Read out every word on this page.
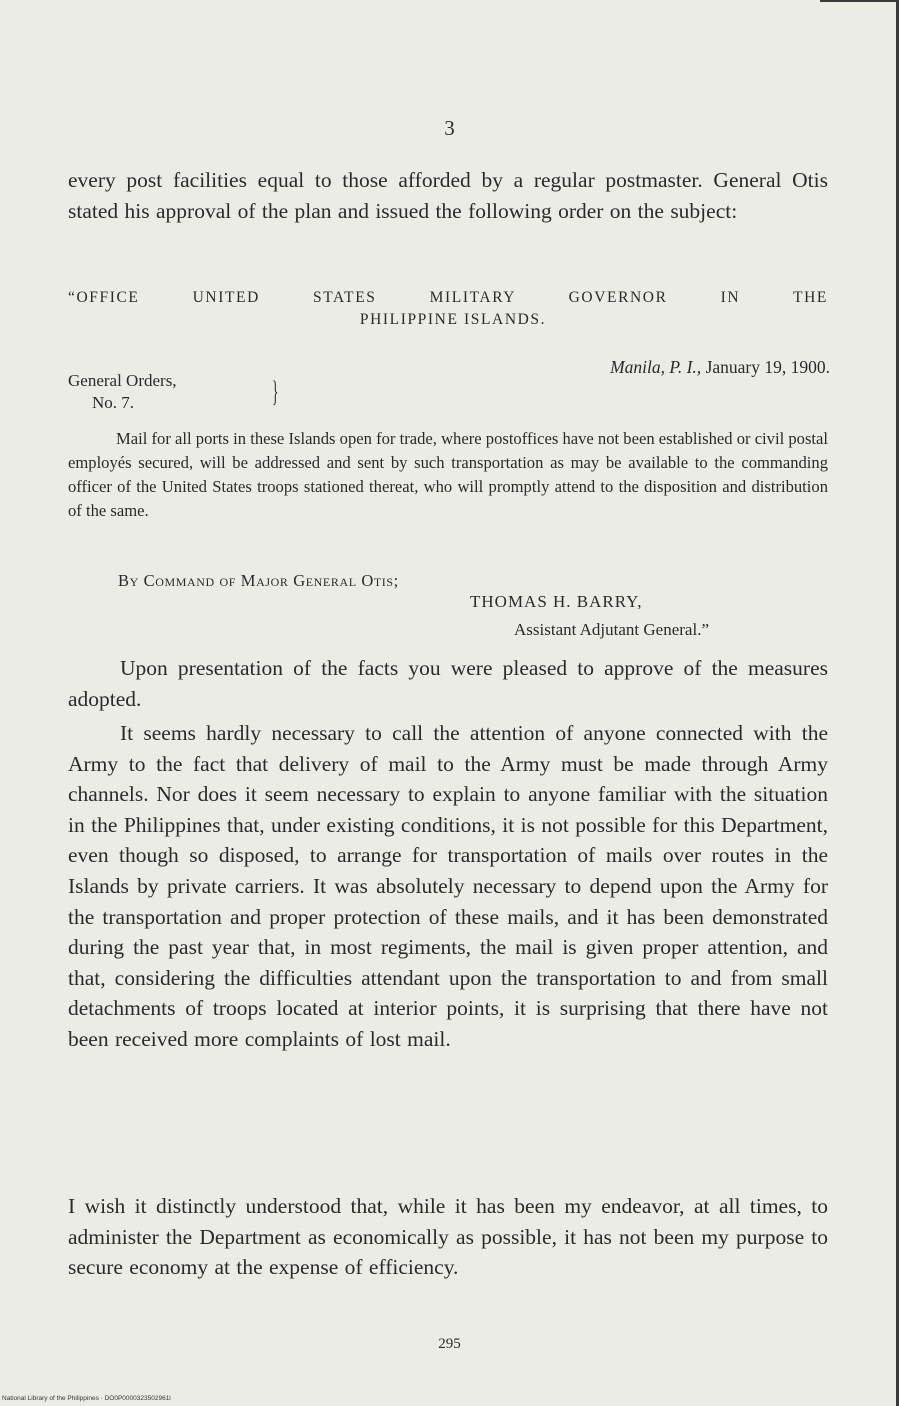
3
every post facilities equal to those afforded by a regular postmaster. General Otis stated his approval of the plan and issued the following order on the subject:
“OFFICE UNITED STATES MILITARY GOVERNOR IN THE
PHILIPPINE ISLANDS.
Manila, P. I., January 19, 1900.
General Orders,
No. 7.	}
Mail for all ports in these Islands open for trade, where postoffices have not been established or civil postal employés secured, will be addressed and sent by such transportation as may be available to the commanding officer of the United States troops stationed thereat, who will promptly attend to the disposition and distribution of the same.
By Command of Major General Otis;
THOMAS H. BARRY,
Assistant Adjutant General.”
Upon presentation of the facts you were pleased to approve of the measures adopted.
It seems hardly necessary to call the attention of anyone connected with the Army to the fact that delivery of mail to the Army must be made through Army channels. Nor does it seem necessary to explain to anyone familiar with the situation in the Philippines that, under existing conditions, it is not possible for this Department, even though so disposed, to arrange for transportation of mails over routes in the Islands by private carriers. It was absolutely necessary to depend upon the Army for the transportation and proper protection of these mails, and it has been demonstrated during the past year that, in most regiments, the mail is given proper attention, and that, considering the difficulties attendant upon the transportation to and from small detachments of troops located at interior points, it is surprising that there have not been received more complaints of lost mail.
I wish it distinctly understood that, while it has been my endeavor, at all times, to administer the Department as economically as possible, it has not been my purpose to secure economy at the expense of efficiency.
295
National Library of the Philippines · DO0P0000323502961l
